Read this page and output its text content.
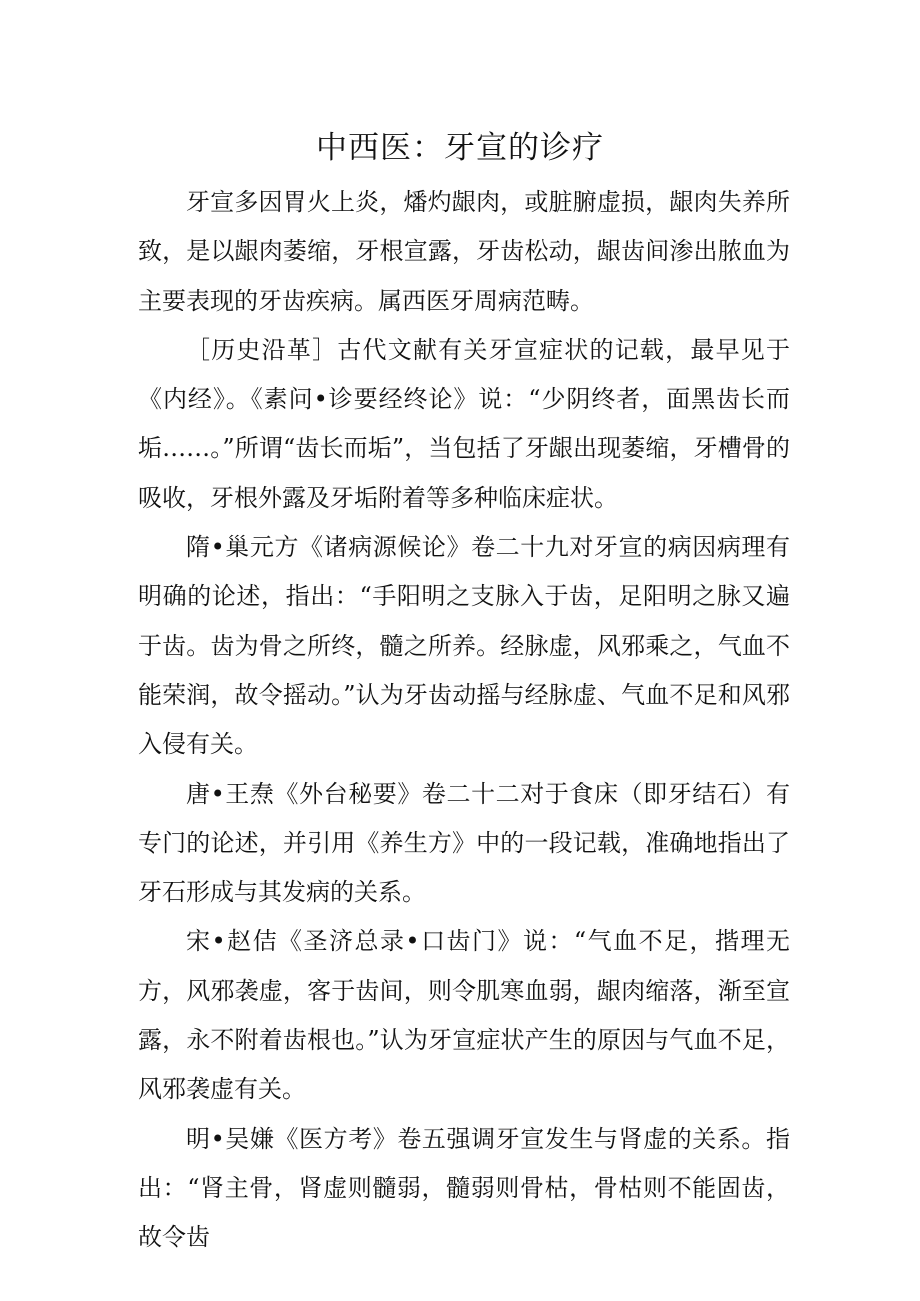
中西医：牙宣的诊疗

牙宣多因胃火上炎，燔灼龈肉，或脏腑虚损，龈肉失养所致，是以龈肉萎缩，牙根宣露，牙齿松动，龈齿间渗出脓血为主要表现的牙齿疾病。属西医牙周病范畴。

［历史沿革］古代文献有关牙宣症状的记载，最早见于《内经》。《素问•诊要经终论》说：“少阴终者，面黑齿长而垢……。”所谓“齿长而垢”，当包括了牙龈出现萎缩，牙槽骨的吸收，牙根外露及牙垢附着等多种临床症状。

隋•巢元方《诸病源候论》卷二十九对牙宣的病因病理有明确的论述，指出：“手阳明之支脉入于齿，足阳明之脉又遍于齿。齿为骨之所终，髓之所养。经脉虚，风邪乘之，气血不能荣润，故令摇动。”认为牙齿动摇与经脉虚、气血不足和风邪入侵有关。

唐•王焘《外台秘要》卷二十二对于食床（即牙结石）有专门的论述，并引用《养生方》中的一段记载，准确地指出了牙石形成与其发病的关系。

宋•赵佶《圣济总录•口齿门》说：“气血不足，揩理无方，风邪袭虚，客于齿间，则令肌寒血弱，龈肉缩落，渐至宣露，永不附着齿根也。”认为牙宣症状产生的原因与气血不足，风邪袭虚有关。

明•吴嫌《医方考》卷五强调牙宣发生与肾虚的关系。指出：“肾主骨，肾虚则髓弱，髓弱则骨枯，骨枯则不能固齿，故令齿
